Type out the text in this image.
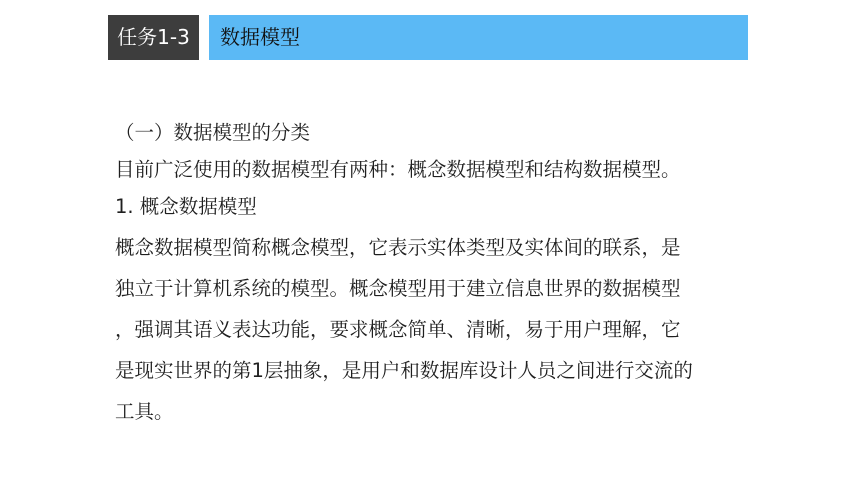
任务1-3	数据模型
（一）数据模型的分类
目前广泛使用的数据模型有两种：概念数据模型和结构数据模型。
1. 概念数据模型
概念数据模型简称概念模型，它表示实体类型及实体间的联系，是
独立于计算机系统的模型。概念模型用于建立信息世界的数据模型
，强调其语义表达功能，要求概念简单、清晰，易于用户理解，它
是现实世界的第1层抽象，是用户和数据库设计人员之间进行交流的
工具。
